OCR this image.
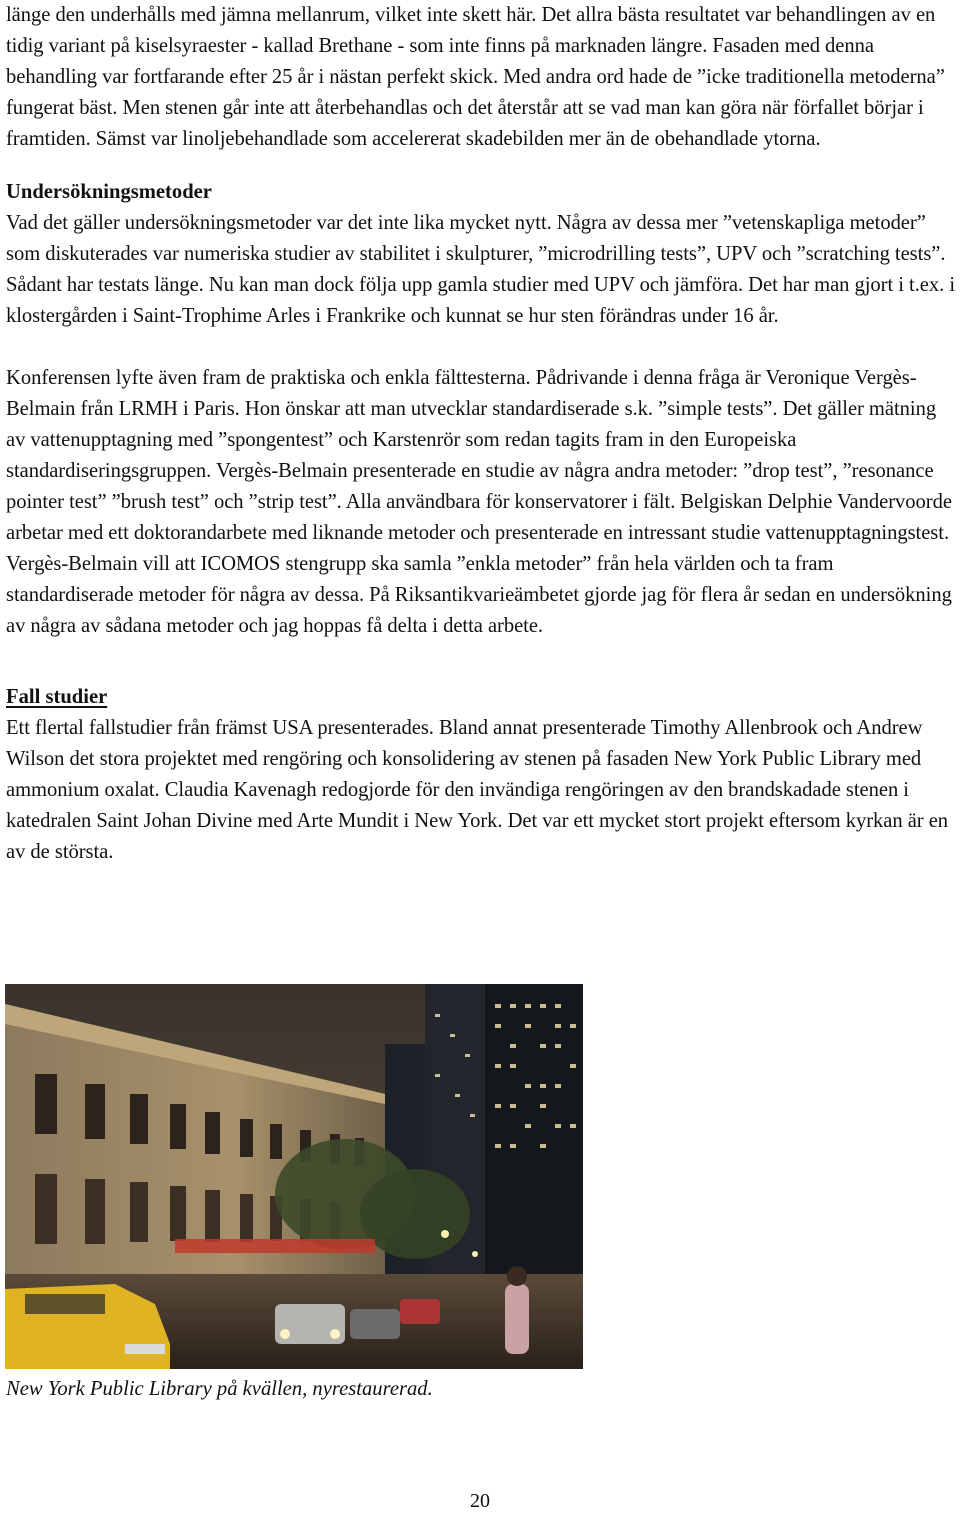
länge den underhålls med jämna mellanrum, vilket inte skett här. Det allra bästa resultatet var behandlingen av en tidig variant på kiselsyraester - kallad Brethane - som inte finns på marknaden längre. Fasaden med denna behandling var fortfarande efter 25 år i nästan perfekt skick. Med andra ord hade de ”icke traditionella metoderna” fungerat bäst. Men stenen går inte att återbehandlas och det återstår att se vad man kan göra när förfallet börjar i framtiden. Sämst var linoljebehandlade som accelererat skadebilden mer än de obehandlade ytorna.

Undersökningsmetoder

Vad det gäller undersökningsmetoder var det inte lika mycket nytt. Några av dessa mer ”vetenskapliga metoder” som diskuterades var numeriska studier av stabilitet i skulpturer, ”microdrilling tests”, UPV och ”scratching tests”. Sådant har testats länge. Nu kan man dock följa upp gamla studier med UPV och jämföra. Det har man gjort i t.ex. i klostergården i Saint-Trophime Arles i Frankrike och kunnat se hur sten förändras under 16 år.

Konferensen lyfte även fram de praktiska och enkla fälttesterna. Pådrivande i denna fråga är Veronique Vergès-Belmain från LRMH i Paris. Hon önskar att man utvecklar standardiserade s.k. ”simple tests”. Det gäller mätning av vattenupptagning med ”spongentest” och Karstenrör som redan tagits fram in den Europeiska standardiseringsgruppen. Vergès-Belmain presenterade en studie av några andra metoder: ”drop test”, ”resonance pointer test” ”brush test” och ”strip test”. Alla användbara för konservatorer i fält. Belgiskan Delphie Vandervoorde arbetar med ett doktorandarbete med liknande metoder och presenterade en intressant studie vattenupptagningstest. Vergès-Belmain vill att ICOMOS stengrupp ska samla ”enkla metoder” från hela världen och ta fram standardiserade metoder för några av dessa. På Riksantikvarieämbetet gjorde jag för flera år sedan en undersökning av några av sådana metoder och jag hoppas få delta i detta arbete.

Fall studier

Ett flertal fallstudier från främst USA presenterades. Bland annat presenterade Timothy Allenbrook och Andrew Wilson det stora projektet med rengöring och konsolidering av stenen på fasaden New York Public Library med ammonium oxalat. Claudia Kavenagh redogjorde för den invändiga rengöringen av den brandskadade stenen i katedralen Saint Johan Divine med Arte Mundit i New York. Det var ett mycket stort projekt eftersom kyrkan är en av de största.

New York Public Library på kvällen, nyrestaurerad.

20
